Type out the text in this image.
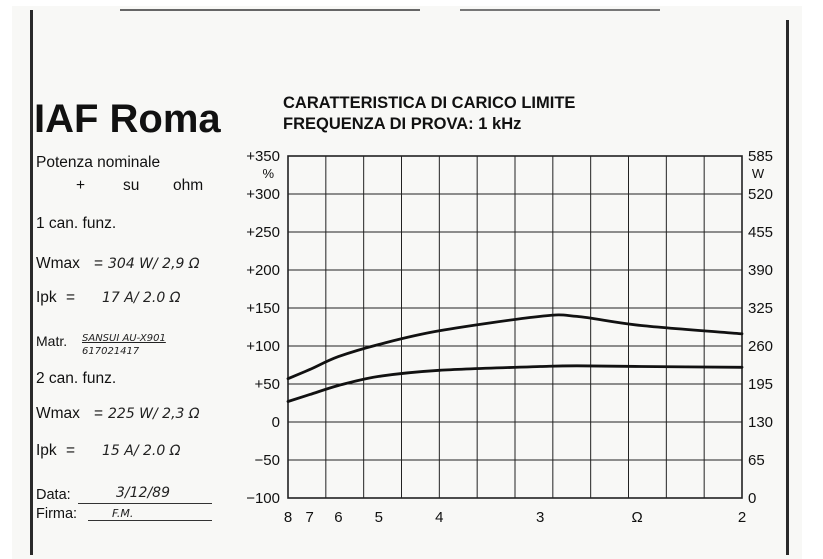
IAF Roma	CARATTERISTICA DI CARICO LIMITE
FREQUENZA DI PROVA: 1 kHz
Potenza nominale
+ su ohm
1 can. funz.
Wmax = 304 W/ 2,9 Ω
Ipk = 17 A/ 2.0 Ω
Matr. SANSUI AU-X901
617021417
2 can. funz.
Wmax = 225 W/ 2,3 Ω
Ipk = 15 A/ 2.0 Ω
Data:	3/12/89
Firma:	F.M.
+350
+300
+250
+200
+150
+100
+50
0
−50
−100
%
585
520
455
390
325
260
195
130
65
0
W
8 7 6 5	4	3	2
Ω
